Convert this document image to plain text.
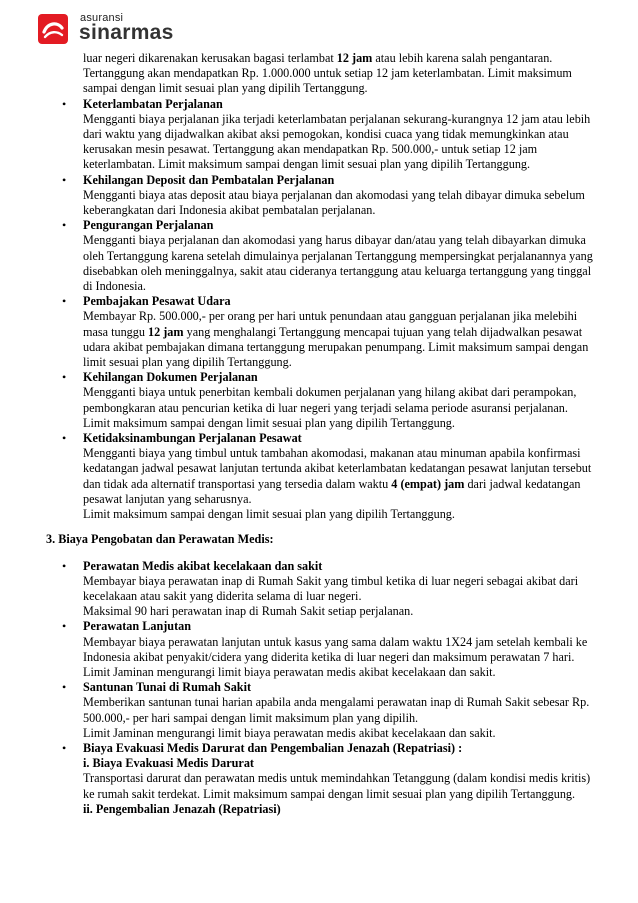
asuransi
sinarmas

luar negeri dikarenakan kerusakan bagasi terlambat 12 jam atau lebih karena salah pengantaran.
Tertanggung akan mendapatkan Rp. 1.000.000 untuk setiap 12 jam keterlambatan. Limit maksimum sampai dengan limit sesuai plan yang dipilih Tertanggung.

• Keterlambatan Perjalanan
Mengganti biaya perjalanan jika terjadi keterlambatan perjalanan sekurang-kurangnya 12 jam atau lebih dari waktu yang dijadwalkan akibat aksi pemogokan, kondisi cuaca yang tidak memungkinkan atau kerusakan mesin pesawat. Tertanggung akan mendapatkan Rp. 500.000,- untuk setiap 12 jam keterlambatan. Limit maksimum sampai dengan limit sesuai plan yang dipilih Tertanggung.
• Kehilangan Deposit dan Pembatalan Perjalanan
Mengganti biaya atas deposit atau biaya perjalanan dan akomodasi yang telah dibayar dimuka sebelum keberangkatan dari Indonesia akibat pembatalan perjalanan.
• Pengurangan Perjalanan
Mengganti biaya perjalanan dan akomodasi yang harus dibayar dan/atau yang telah dibayarkan dimuka oleh Tertanggung karena setelah dimulainya perjalanan Tertanggung mempersingkat perjalanannya yang disebabkan oleh meninggalnya, sakit atau cideranya tertanggung atau keluarga tertanggung yang tinggal di Indonesia.
• Pembajakan Pesawat Udara
Membayar Rp. 500.000,- per orang per hari untuk penundaan atau gangguan perjalanan jika melebihi masa tunggu 12 jam yang menghalangi Tertanggung mencapai tujuan yang telah dijadwalkan pesawat udara akibat pembajakan dimana tertanggung merupakan penumpang. Limit maksimum sampai dengan limit sesuai plan yang dipilih Tertanggung.
• Kehilangan Dokumen Perjalanan
Mengganti biaya untuk penerbitan kembali dokumen perjalanan yang hilang akibat dari perampokan, pembongkaran atau pencurian ketika di luar negeri yang terjadi selama periode asuransi perjalanan. Limit maksimum sampai dengan limit sesuai plan yang dipilih Tertanggung.
• Ketidaksinambungan Perjalanan Pesawat
Mengganti biaya yang timbul untuk tambahan akomodasi, makanan atau minuman apabila konfirmasi kedatangan jadwal pesawat lanjutan tertunda akibat keterlambatan kedatangan pesawat lanjutan tersebut dan tidak ada alternatif transportasi yang tersedia dalam waktu 4 (empat) jam dari jadwal kedatangan pesawat lanjutan yang seharusnya.
Limit maksimum sampai dengan limit sesuai plan yang dipilih Tertanggung.
3. Biaya Pengobatan dan Perawatan Medis:
• Perawatan Medis akibat kecelakaan dan sakit
Membayar biaya perawatan inap di Rumah Sakit yang timbul ketika di luar negeri sebagai akibat dari kecelakaan atau sakit yang diderita selama di luar negeri.
Maksimal 90 hari perawatan inap di Rumah Sakit setiap perjalanan.
• Perawatan Lanjutan
Membayar biaya perawatan lanjutan untuk kasus yang sama dalam waktu 1X24 jam setelah kembali ke Indonesia akibat penyakit/cidera yang diderita ketika di luar negeri dan maksimum perawatan 7 hari.
Limit Jaminan mengurangi limit biaya perawatan medis akibat kecelakaan dan sakit.
• Santunan Tunai di Rumah Sakit
Memberikan santunan tunai harian apabila anda mengalami perawatan inap di Rumah Sakit sebesar Rp. 500.000,- per hari sampai dengan limit maksimum plan yang dipilih.
Limit Jaminan mengurangi limit biaya perawatan medis akibat kecelakaan dan sakit.
• Biaya Evakuasi Medis Darurat dan Pengembalian Jenazah (Repatriasi) :
i. Biaya Evakuasi Medis Darurat
Transportasi darurat dan perawatan medis untuk memindahkan Tetanggung (dalam kondisi medis kritis) ke rumah sakit terdekat. Limit maksimum sampai dengan limit sesuai plan yang dipilih Tertanggung.
ii. Pengembalian Jenazah (Repatriasi)
